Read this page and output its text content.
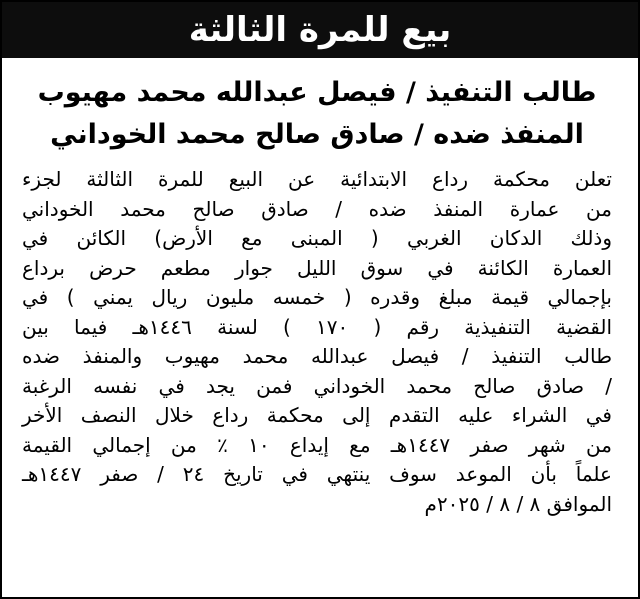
بيع للمرة الثالثة
طالب التنفيذ / فيصل عبدالله محمد مهيوب
المنفذ ضده / صادق صالح محمد الخوداني
تعلن محكمة رداع الابتدائية عن البيع للمرة الثالثة لجزء
من عمارة المنفذ ضده / صادق صالح محمد الخوداني
وذلك الدكان الغربي ( المبنى مع الأرض) الكائن في
العمارة الكائنة في سوق الليل جوار مطعم حرض برداع
بإجمالي قيمة مبلغ وقدره ( خمسه مليون ريال يمني ) في
القضية التنفيذية رقم ( ١٧٠ ) لسنة ١٤٤٦هـ فيما بين
طالب التنفيذ / فيصل عبدالله محمد مهيوب والمنفذ ضده
/ صادق صالح محمد الخوداني فمن يجد في نفسه الرغبة
في الشراء عليه التقدم إلى محكمة رداع خلال النصف الأخر
من شهر صفر ١٤٤٧هـ مع إيداع ١٠ ٪ من إجمالي القيمة
علماً بأن الموعد سوف ينتهي في تاريخ ٢٤ / صفر ١٤٤٧هـ
الموافق ٨ / ٨ / ٢٠٢٥م
